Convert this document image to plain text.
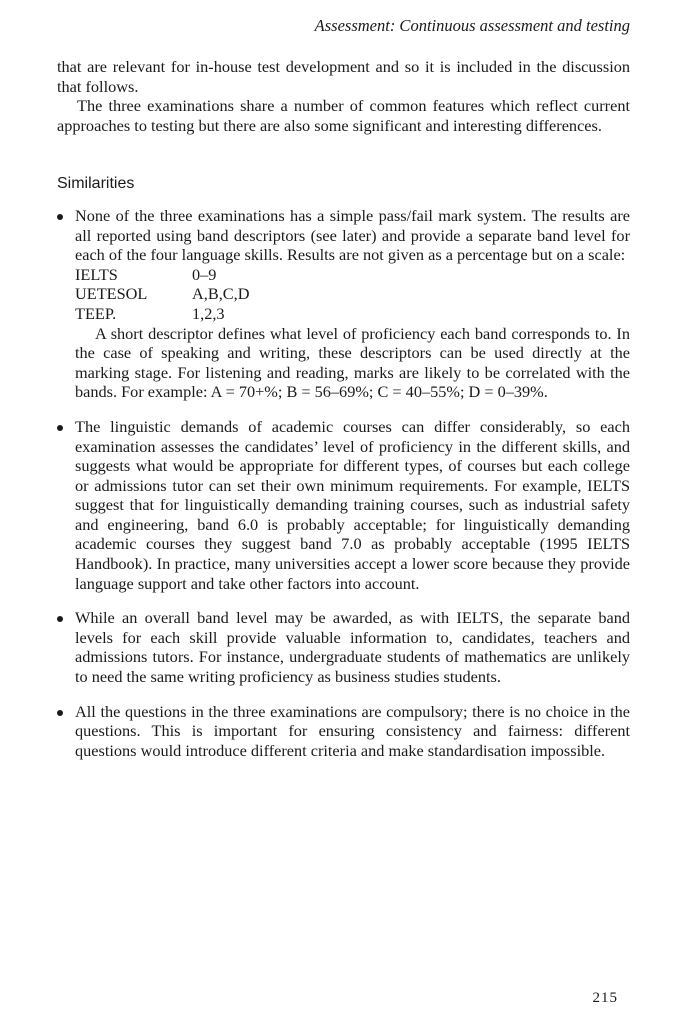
Assessment: Continuous assessment and testing

that are relevant for in-house test development and so it is included in the discussion that follows.

The three examinations share a number of common features which reflect current approaches to testing but there are also some significant and interesting differences.

Similarities

None of the three examinations has a simple pass/fail mark system. The results are all reported using band descriptors (see later) and provide a separate band level for each of the four language skills. Results are not given as a percentage but on a scale:

IELTS	0–9
UETESOL	A,B,C,D
TEEP.	1,2,3

A short descriptor defines what level of proficiency each band corresponds to. In the case of speaking and writing, these descriptors can be used directly at the marking stage. For listening and reading, marks are likely to be correlated with the bands. For example: A = 70+%; B = 56–69%; C = 40–55%; D = 0–39%.

The linguistic demands of academic courses can differ considerably, so each examination assesses the candidates’ level of proficiency in the different skills, and suggests what would be appropriate for different types, of courses but each college or admissions tutor can set their own minimum requirements. For example, IELTS suggest that for linguistically demanding training courses, such as industrial safety and engineering, band 6.0 is probably acceptable; for linguistically demanding academic courses they suggest band 7.0 as probably acceptable (1995 IELTS Handbook). In practice, many universities accept a lower score because they provide language support and take other factors into account.

While an overall band level may be awarded, as with IELTS, the separate band levels for each skill provide valuable information to, candidates, teachers and admissions tutors. For instance, undergraduate students of mathematics are unlikely to need the same writing proficiency as business studies students.

All the questions in the three examinations are compulsory; there is no choice in the questions. This is important for ensuring consistency and fairness: different questions would introduce different criteria and make standardisation impossible.

215
